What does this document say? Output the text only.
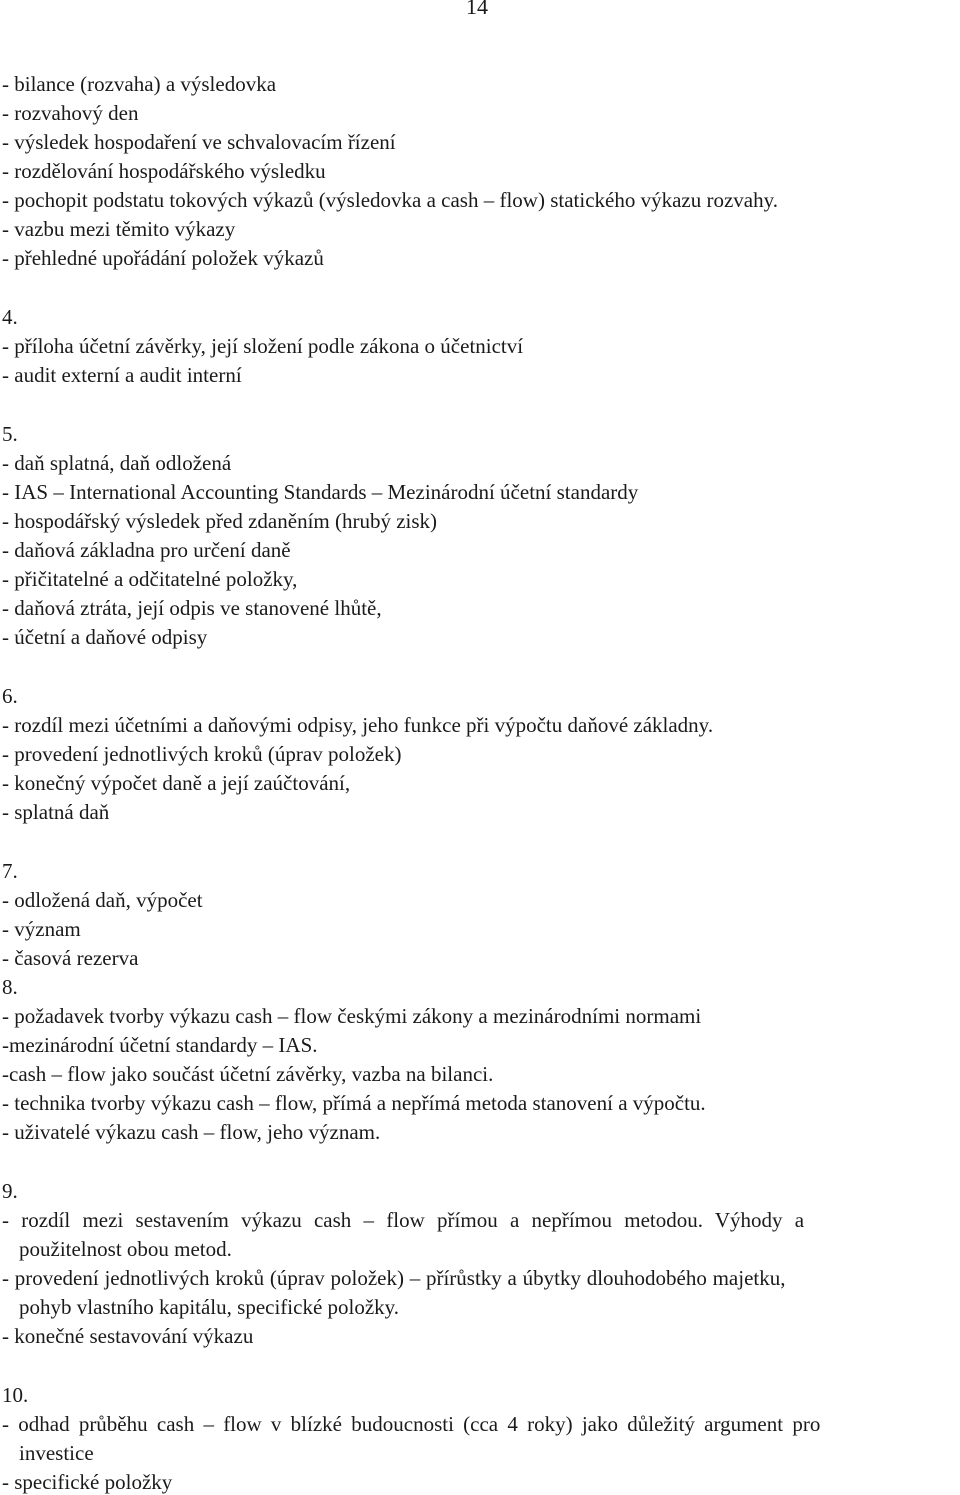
14
- bilance (rozvaha) a výsledovka
- rozvahový den
- výsledek hospodaření ve schvalovacím řízení
- rozdělování hospodářského výsledku
- pochopit podstatu tokových výkazů (výsledovka a cash – flow) statického výkazu rozvahy.
- vazbu mezi těmito výkazy
- přehledné upořádání položek výkazů
4.
- příloha účetní závěrky, její složení podle zákona o účetnictví
- audit externí a audit interní
5.
- daň splatná, daň odložená
- IAS – International Accounting Standards – Mezinárodní účetní standardy
- hospodářský výsledek před zdaněním (hrubý zisk)
- daňová základna pro určení daně
- přičitatelné a odčitatelné položky,
- daňová ztráta, její odpis ve stanovené lhůtě,
- účetní a daňové odpisy
6.
- rozdíl mezi účetními a daňovými odpisy, jeho funkce při výpočtu daňové základny.
- provedení jednotlivých kroků (úprav položek)
- konečný výpočet daně a její zaúčtování,
- splatná daň
7.
- odložená daň, výpočet
- význam
- časová rezerva
8.
- požadavek tvorby výkazu cash – flow českými zákony a mezinárodními normami
-mezinárodní účetní standardy – IAS.
-cash – flow jako součást účetní závěrky, vazba na bilanci.
- technika tvorby výkazu cash – flow, přímá a nepřímá metoda stanovení a výpočtu.
- uživatelé výkazu cash – flow, jeho význam.
9.
- rozdíl mezi sestavením výkazu cash – flow přímou a nepřímou metodou. Výhody a
použitelnost obou metod.
- provedení jednotlivých kroků (úprav položek) – přírůstky a úbytky dlouhodobého majetku,
pohyb vlastního kapitálu, specifické položky.
- konečné sestavování výkazu
10.
- odhad průběhu cash – flow v blízké budoucnosti (cca 4 roky) jako důležitý argument pro
investice
- specifické položky
